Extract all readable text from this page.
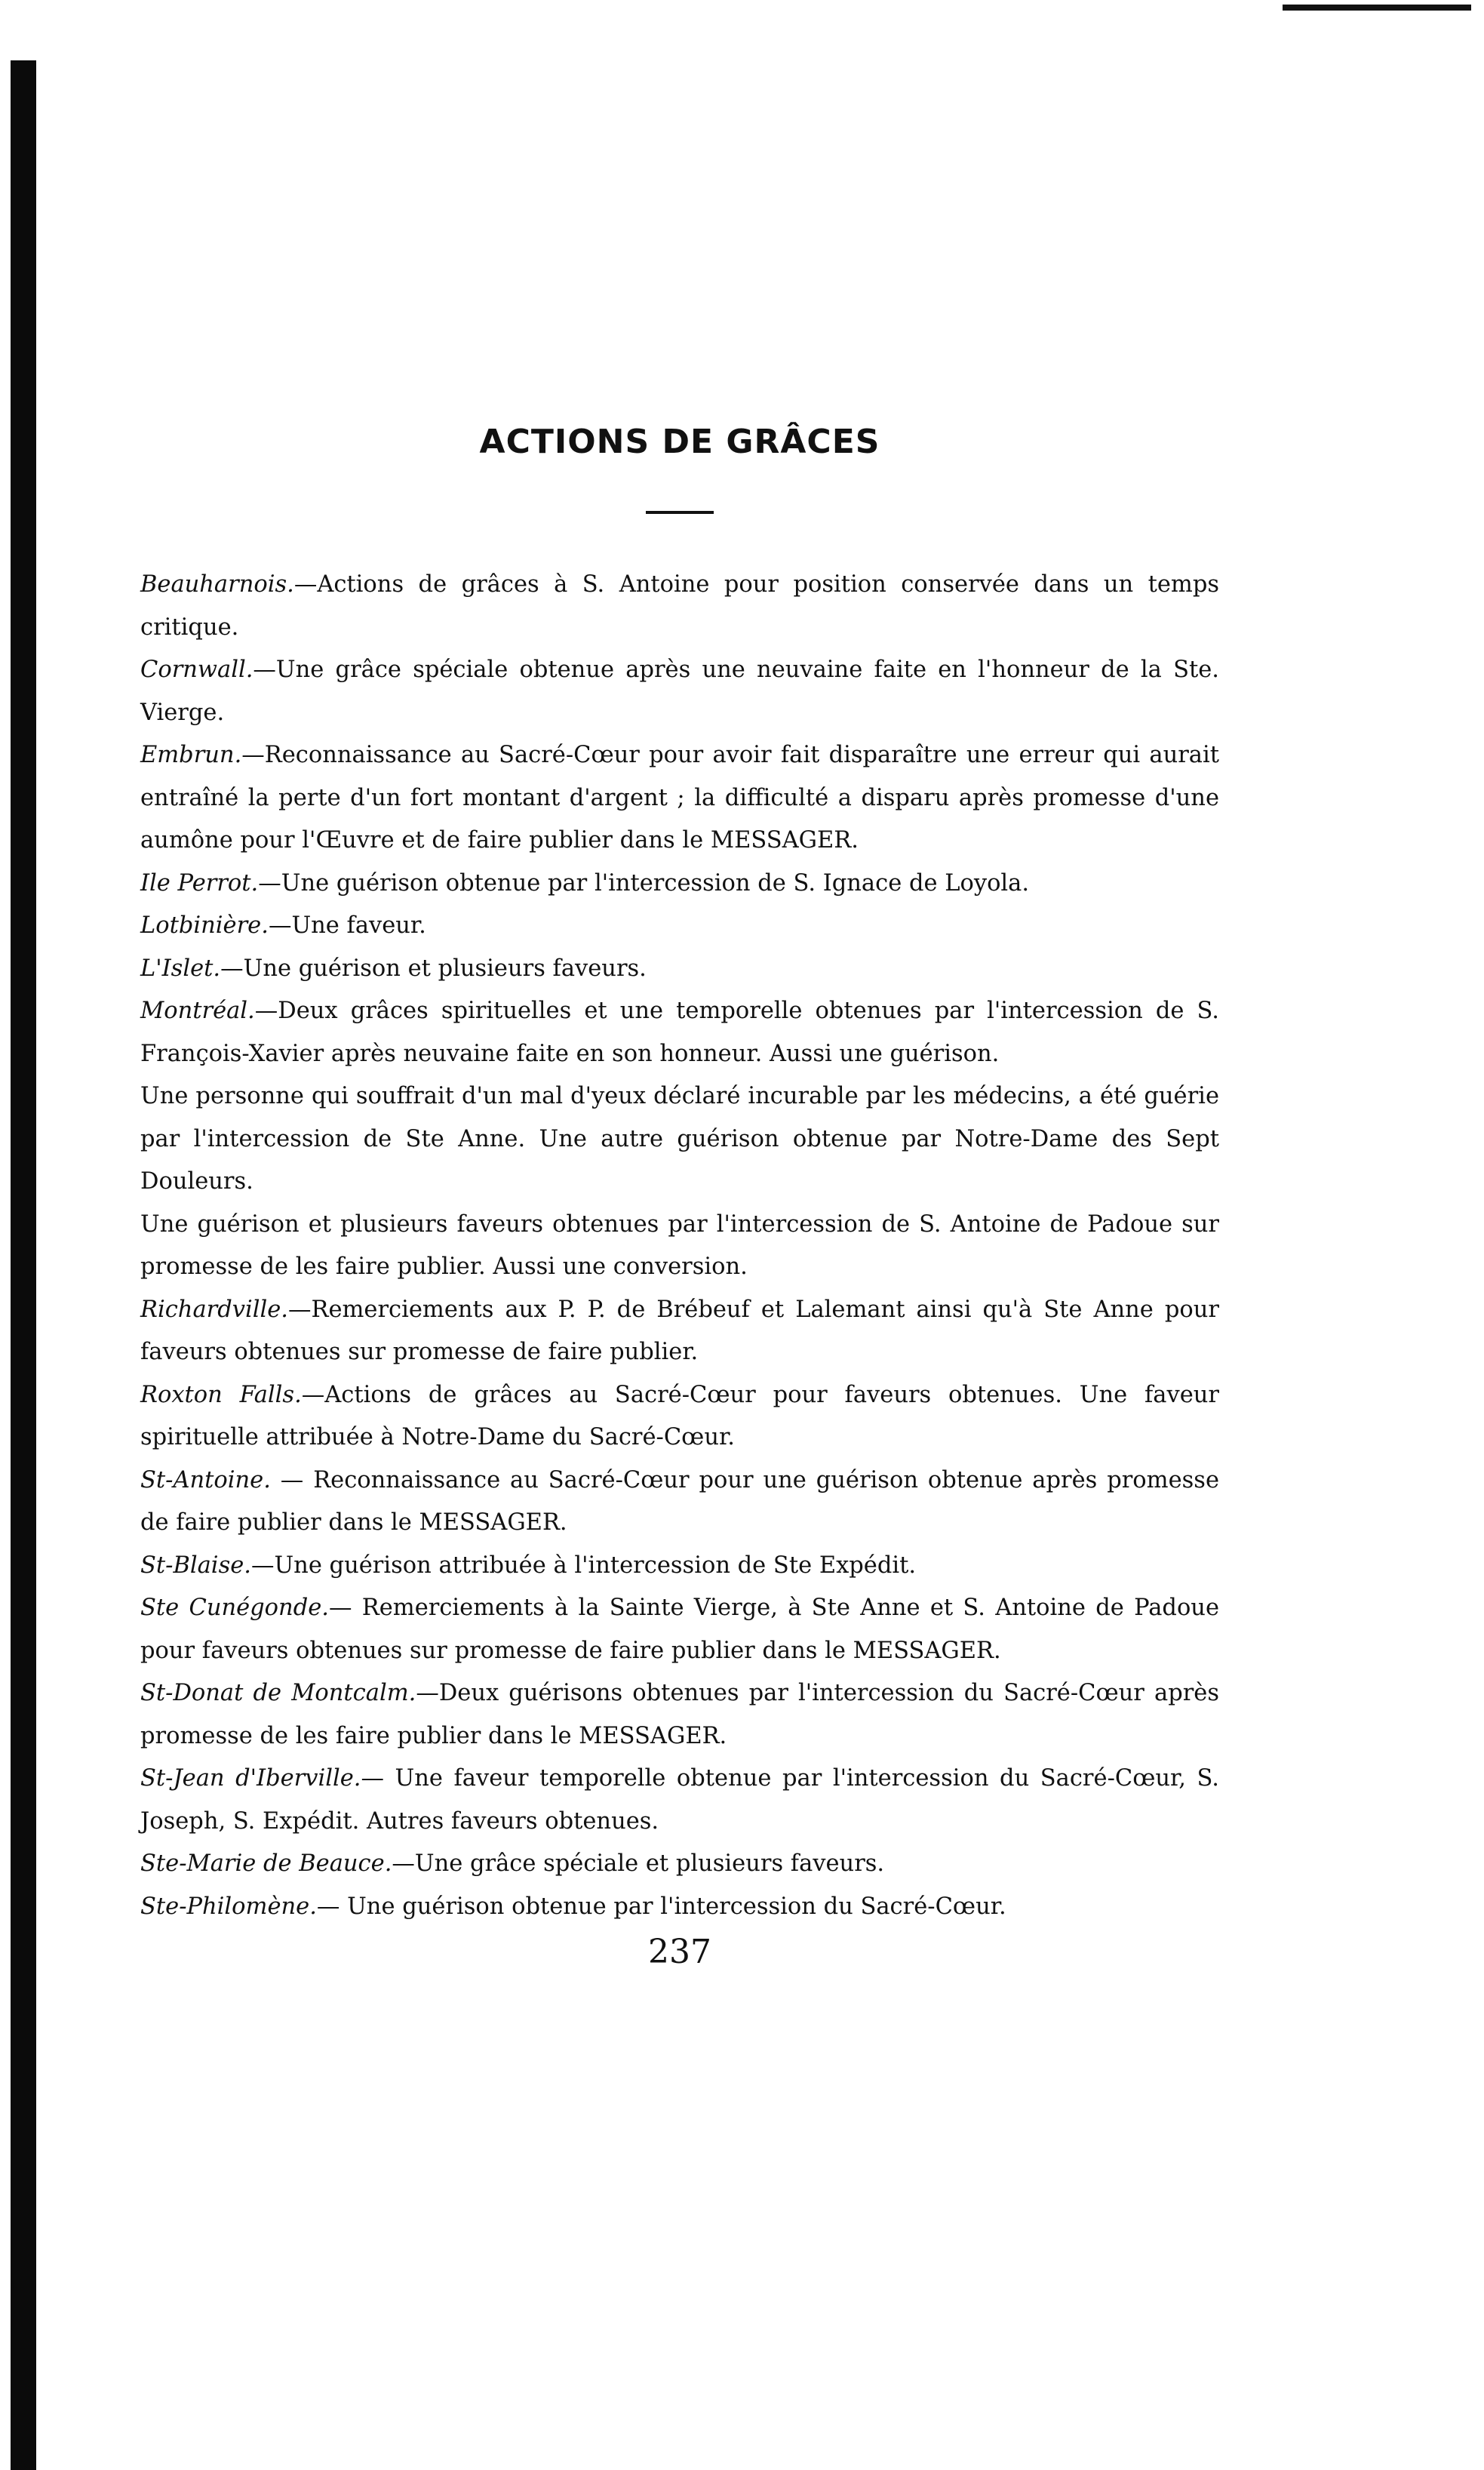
ACTIONS DE GRÂCES

Beauharnois.—Actions de grâces à S. Antoine pour position conservée dans un temps critique.

Cornwall.—Une grâce spéciale obtenue après une neuvaine faite en l'honneur de la Ste. Vierge.

Embrun.—Reconnaissance au Sacré-Cœur pour avoir fait disparaître une erreur qui aurait entraîné la perte d'un fort montant d'argent ; la difficulté a disparu après promesse d'une aumône pour l'Œuvre et de faire publier dans le MESSAGER.

Ile Perrot.—Une guérison obtenue par l'intercession de S. Ignace de Loyola.

Lotbinière.—Une faveur.

L'Islet.—Une guérison et plusieurs faveurs.

Montréal.—Deux grâces spirituelles et une temporelle obtenues par l'intercession de S. François-Xavier après neuvaine faite en son honneur. Aussi une guérison.

Une personne qui souffrait d'un mal d'yeux déclaré incurable par les médecins, a été guérie par l'intercession de Ste Anne. Une autre guérison obtenue par Notre-Dame des Sept Douleurs.

Une guérison et plusieurs faveurs obtenues par l'intercession de S. Antoine de Padoue sur promesse de les faire publier. Aussi une conversion.

Richardville.—Remerciements aux P. P. de Brébeuf et Lalemant ainsi qu'à Ste Anne pour faveurs obtenues sur promesse de faire publier.

Roxton Falls.—Actions de grâces au Sacré-Cœur pour faveurs obtenues. Une faveur spirituelle attribuée à Notre-Dame du Sacré-Cœur.

St-Antoine. — Reconnaissance au Sacré-Cœur pour une guérison obtenue après promesse de faire publier dans le MESSAGER.

St-Blaise.—Une guérison attribuée à l'intercession de Ste Expédit.

Ste Cunégonde.— Remerciements à la Sainte Vierge, à Ste Anne et S. Antoine de Padoue pour faveurs obtenues sur promesse de faire publier dans le MESSAGER.

St-Donat de Montcalm.—Deux guérisons obtenues par l'intercession du Sacré-Cœur après promesse de les faire publier dans le MESSAGER.

St-Jean d'Iberville.— Une faveur temporelle obtenue par l'intercession du Sacré-Cœur, S. Joseph, S. Expédit. Autres faveurs obtenues.

Ste-Marie de Beauce.—Une grâce spéciale et plusieurs faveurs.

Ste-Philomène.— Une guérison obtenue par l'intercession du Sacré-Cœur.

237
